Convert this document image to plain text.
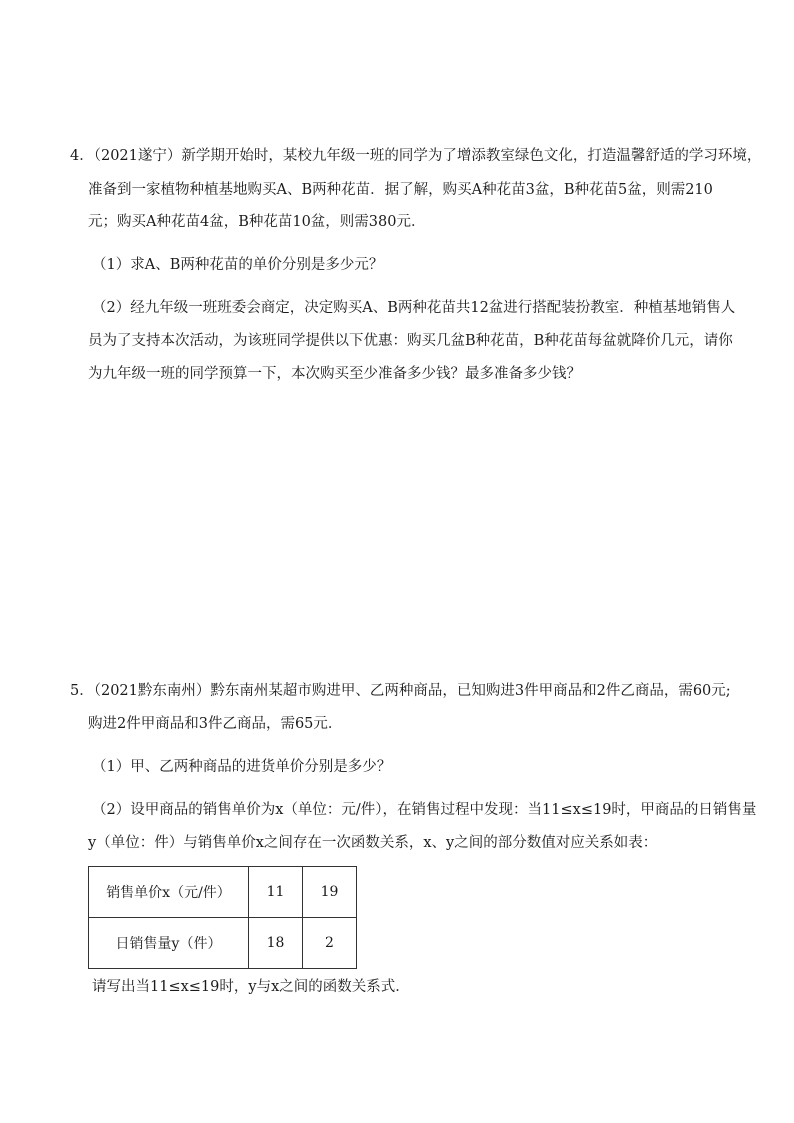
4．（2021遂宁）新学期开始时，某校九年级一班的同学为了增添教室绿色文化，打造温馨舒适的学习环境，
准备到一家植物种植基地购买A、B两种花苗．据了解，购买A种花苗3盆，B种花苗5盆，则需210
元；购买A种花苗4盆，B种花苗10盆，则需380元．
（1）求A、B两种花苗的单价分别是多少元？
（2）经九年级一班班委会商定，决定购买A、B两种花苗共12盆进行搭配装扮教室．种植基地销售人
员为了支持本次活动，为该班同学提供以下优惠：购买几盆B种花苗，B种花苗每盆就降价几元，请你
为九年级一班的同学预算一下，本次购买至少准备多少钱？最多准备多少钱？
5．（2021黔东南州）黔东南州某超市购进甲、乙两种商品，已知购进3件甲商品和2件乙商品，需60元;
购进2件甲商品和3件乙商品，需65元．
（1）甲、乙两种商品的进货单价分别是多少？
（2）设甲商品的销售单价为x（单位：元/件），在销售过程中发现：当11≤x≤19时，甲商品的日销售量
y（单位：件）与销售单价x之间存在一次函数关系，x、y之间的部分数值对应关系如表：
销售单价x（元/件）	11	19
日销售量y（件）	18	2
请写出当11≤x≤19时，y与x之间的函数关系式．
